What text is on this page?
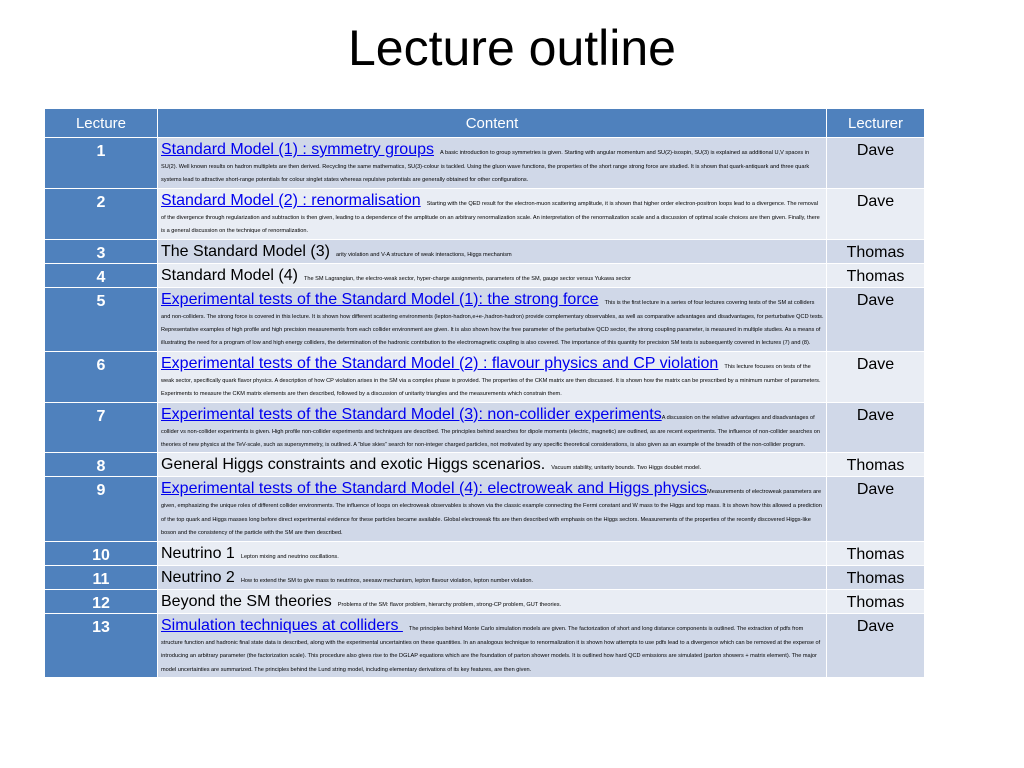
Lecture outline
Lecture	Content	Lecturer
1	Standard Model (1) : symmetry groups A basic introduction to group symmetries is given. Starting with angular momentum and SU(2)-isospin, SU(3) is explained as additional U,V spaces in SU(2). Well known results on hadron multiplets are then derived. Recycling the same mathematics, SU(3)-colour is tackled. Using the gluon wave functions, the properties of the short range strong force are studied. It is shown that quark-antiquark and three quark systems lead to attractive short-range potentials for colour singlet states whereas repulsive potentials are generally obtained for other configurations.	Dave
2	Standard Model (2) : renormalisation Starting with the QED result for the electron-muon scattering amplitude, it is shown that higher order electron-positron loops lead to a divergence. The removal of the divergence through regularization and subtraction is then given, leading to a dependence of the amplitude on an arbitrary renormalization scale. An interpretation of the renormalization scale and a discussion of optimal scale choices are then given. Finally, there is a general discussion on the technique of renormalization.	Dave
3	The Standard Model (3) arity violation and V-A structure of weak interactions, Higgs mechanism	Thomas
4	Standard Model (4) The SM Lagrangian, the electro-weak sector, hyper-charge assignments, parameters of the SM, gauge sector versus Yukawa sector	Thomas
5	Experimental tests of the Standard Model (1): the strong force This is the first lecture in a series of four lectures covering tests of the SM at colliders and non-colliders. The strong force is covered in this lecture. It is shown how different scattering environments (lepton-hadron,e+e-,hadron-hadron) provide complementary observables, as well as comparative advantages and disadvantages, for perturbative QCD tests. Representative examples of high profile and high precision measurements from each collider environment are given. It is also shown how the free parameter of the perturbative QCD sector, the strong coupling parameter, is measured in multiple studies. As a means of illustrating the need for a program of low and high energy colliders, the determination of the hadronic contribution to the electromagnetic coupling is also covered. The importance of this quantity for precision SM tests is subsequently covered in lectures (7) and (8).	Dave
6	Experimental tests of the Standard Model (2) : flavour physics and CP violation This lecture focuses on tests of the weak sector, specifically quark flavor physics. A description of how CP violation arises in the SM via a complex phase is provided. The properties of the CKM matrix are then discussed. It is shown how the matrix can be prescribed by a minimum number of parameters. Experiments to measure the CKM matrix elements are then described, followed by a discussion of unitarity triangles and the measurements which constrain them.	Dave
7	Experimental tests of the Standard Model (3): non-collider experimentsA discussion on the relative advantages and disadvantages of collider vs non-collider experiments is given. High profile non-collider experiments and techniques are described. The principles behind searches for dipole moments (electric, magnetic) are outlined, as are recent experiments. The influence of non-collider searches on theories of new physics at the TeV-scale, such as supersymmetry, is outlined. A “blue skies” search for non-integer charged particles, not motivated by any specific theoretical considerations, is also given as an example of the breadth of the non-collider program.	Dave
8	General Higgs constraints and exotic Higgs scenarios. Vacuum stability, unitarity bounds. Two Higgs doublet model.	Thomas
9	Experimental tests of the Standard Model (4): electroweak and Higgs physicsMeasurements of electroweak parameters are given, emphasizing the unique roles of different collider environments. The influence of loops on electroweak observables is shown via the classic example connecting the Fermi constant and W mass to the Higgs and top mass. It is shown how this allowed a prediction of the top quark and Higgs masses long before direct experimental evidence for these particles became available. Global electroweak fits are then described with emphasis on the Higgs sectors. Measurements of the properties of the recently discovered Higgs-like boson and the consistency of the particle with the SM are then described.	Dave
10	Neutrino 1 Lepton mixing and neutrino oscillations.	Thomas
11	Neutrino 2 How to extend the SM to give mass to neutrinos, seesaw mechanism, lepton flavour violation, lepton number violation.	Thomas
12	Beyond the SM theories Problems of the SM: flavor problem, hierarchy problem, strong-CP problem, GUT theories.	Thomas
13	Simulation techniques at colliders The principles behind Monte Carlo simulation models are given. The factorization of short and long distance components is outlined. The extraction of pdfs from structure function and hadronic final state data is described, along with the experimental uncertainties on these quantities. In an analogous technique to renormalization it is shown how attempts to use pdfs lead to a divergence which can be removed at the expense of introducing an arbitrary parameter (the factorization scale). This procedure also gives rise to the DGLAP equations which are the foundation of parton shower models. It is outlined how hard QCD emissions are simulated (parton showers + matrix element). The major model uncertainties are summarized. The principles behind the Lund string model, including elementary derivations of its key features, are then given.	Dave
